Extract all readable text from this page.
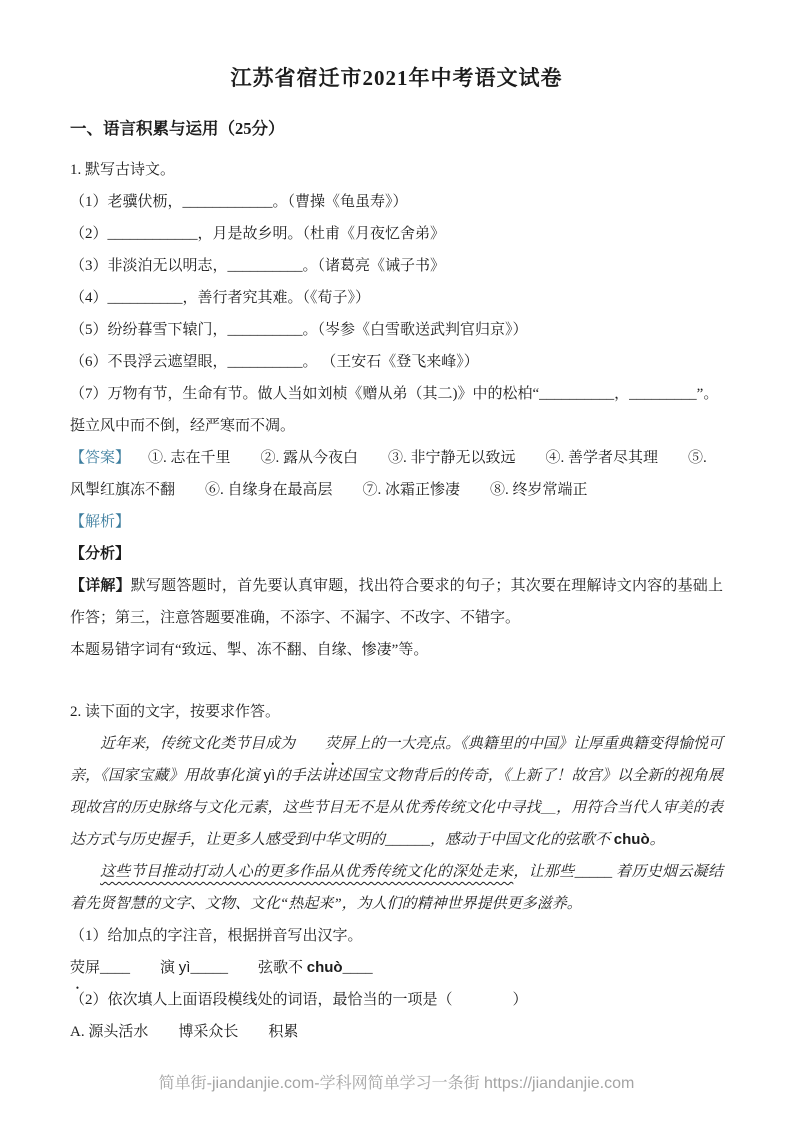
江苏省宿迁市2021年中考语文试卷
一、语言积累与运用（25分）
1. 默写古诗文。
（1）老骥伏枥，____________。（曹操《龟虽寿》）
（2）____________，月是故乡明。（杜甫《月夜忆舍弟》
（3）非淡泊无以明志，__________。（诸葛亮《诫子书》
（4）__________，善行者究其难。（《荀子》）
（5）纷纷暮雪下辕门，__________。（岑参《白雪歌送武判官归京》）
（6）不畏浮云遮望眼，__________。 （王安石《登飞来峰》）
（7）万物有节，生命有节。做人当如刘桢《赠从弟（其二)》中的松柏“__________，_________”。
挺立风中而不倒，经严寒而不凋。
【答案】 ①. 志在千里　　②. 露从今夜白　　③. 非宁静无以致远　　④. 善学者尽其理　　⑤.
风掣红旗冻不翻　　⑥. 自缘身在最高层　　⑦. 冰霜正惨凄　　⑧. 终岁常端正
【解析】
【分析】
【详解】默写题答题时，首先要认真审题，找出符合要求的句子；其次要在理解诗文内容的基础上作答；第三，注意答题要准确，不添字、不漏字、不改字、不错字。
本题易错字词有“致远、掣、冻不翻、自缘、惨凄”等。
2. 读下面的文字，按要求作答。
近年来，传统文化类节目成为 荧屏上的一大亮点。《典籍里的中国》让厚重典籍变得愉悦可亲，《国家宝藏》用故事化演 yì的手法讲述国宝文物背后的传奇，《上新了！故宫》以全新的视角展现故宫的历史脉络与文化元素，这些节目无不是从优秀传统文化中寻找＿，用符合当代人审美的表达方式与历史握手，让更多人感受到中华文明的______，感动于中国文化的弦歌不 chuò。
这些节目推动打动人心的更多作品从优秀传统文化的深处走来，让那些_____ 着历史烟云凝结着先贤智慧的文字、文物、文化“热起来”，为人们的精神世界提供更多滋养。
（1）给加点的字注音，根据拼音写出汉字。
荧屏____ 演 yì_____ 弦歌不 chuò____
（2）依次填人上面语段模线处的词语，最恰当的一项是（　　　　）
A. 源头活水　　博采众长　　积累
简单街-jiandanjie.com-学科网简单学习一条街 https://jiandanjie.com
